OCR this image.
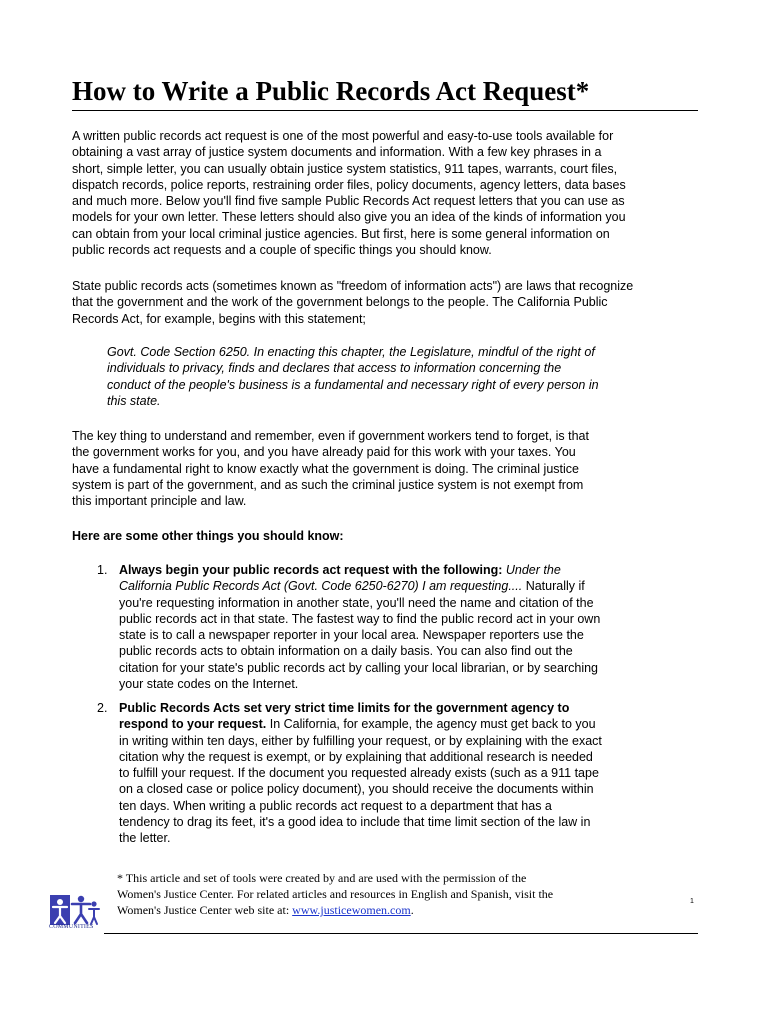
How to Write a Public Records Act Request*

A written public records act request is one of the most powerful and easy-to-use tools available for

obtaining a vast array of justice system documents and information. With a few key phrases in a

short, simple letter, you can usually obtain justice system statistics, 911 tapes, warrants, court files,

dispatch records, police reports, restraining order files, policy documents, agency letters, data bases

and much more. Below you'll find five sample Public Records Act request letters that you can use as

models for your own letter. These letters should also give you an idea of the kinds of information you

can obtain from your local criminal justice agencies. But first, here is some general information on

public records act requests and a couple of specific things you should know.

State public records acts (sometimes known as "freedom of information acts") are laws that recognize

that the government and the work of the government belongs to the people. The California Public

Records Act, for example, begins with this statement;

Govt. Code Section 6250. In enacting this chapter, the Legislature, mindful of the right of

individuals to privacy, finds and declares that access to information concerning the

conduct of the people's business is a fundamental and necessary right of every person in

this state.

The key thing to understand and remember, even if government workers tend to forget, is that

the government works for you, and you have already paid for this work with your taxes. You

have a fundamental right to know exactly what the government is doing. The criminal justice

system is part of the government, and as such the criminal justice system is not exempt from

this important principle and law.

Here are some other things you should know:

1. Always begin your public records act request with the following: Under the

California Public Records Act (Govt. Code 6250-6270) I am requesting.... Naturally if

you're requesting information in another state, you'll need the name and citation of the

public records act in that state. The fastest way to find the public record act in your own

state is to call a newspaper reporter in your local area. Newspaper reporters use the

public records acts to obtain information on a daily basis. You can also find out the

citation for your state's public records act by calling your local librarian, or by searching

your state codes on the Internet.

2. Public Records Acts set very strict time limits for the government agency to

respond to your request. In California, for example, the agency must get back to you

in writing within ten days, either by fulfilling your request, or by explaining with the exact

citation why the request is exempt, or by explaining that additional research is needed

to fulfill your request. If the document you requested already exists (such as a 911 tape

on a closed case or police policy document), you should receive the documents within

ten days. When writing a public records act request to a department that has a

tendency to drag its feet, it's a good idea to include that time limit section of the law in

the letter.

* This article and set of tools were created by and are used with the permission of the

Women's Justice Center. For related articles and resources in English and Spanish, visit the

Women's Justice Center web site at: www.justicewomen.com.

COMMUNITIES
1
